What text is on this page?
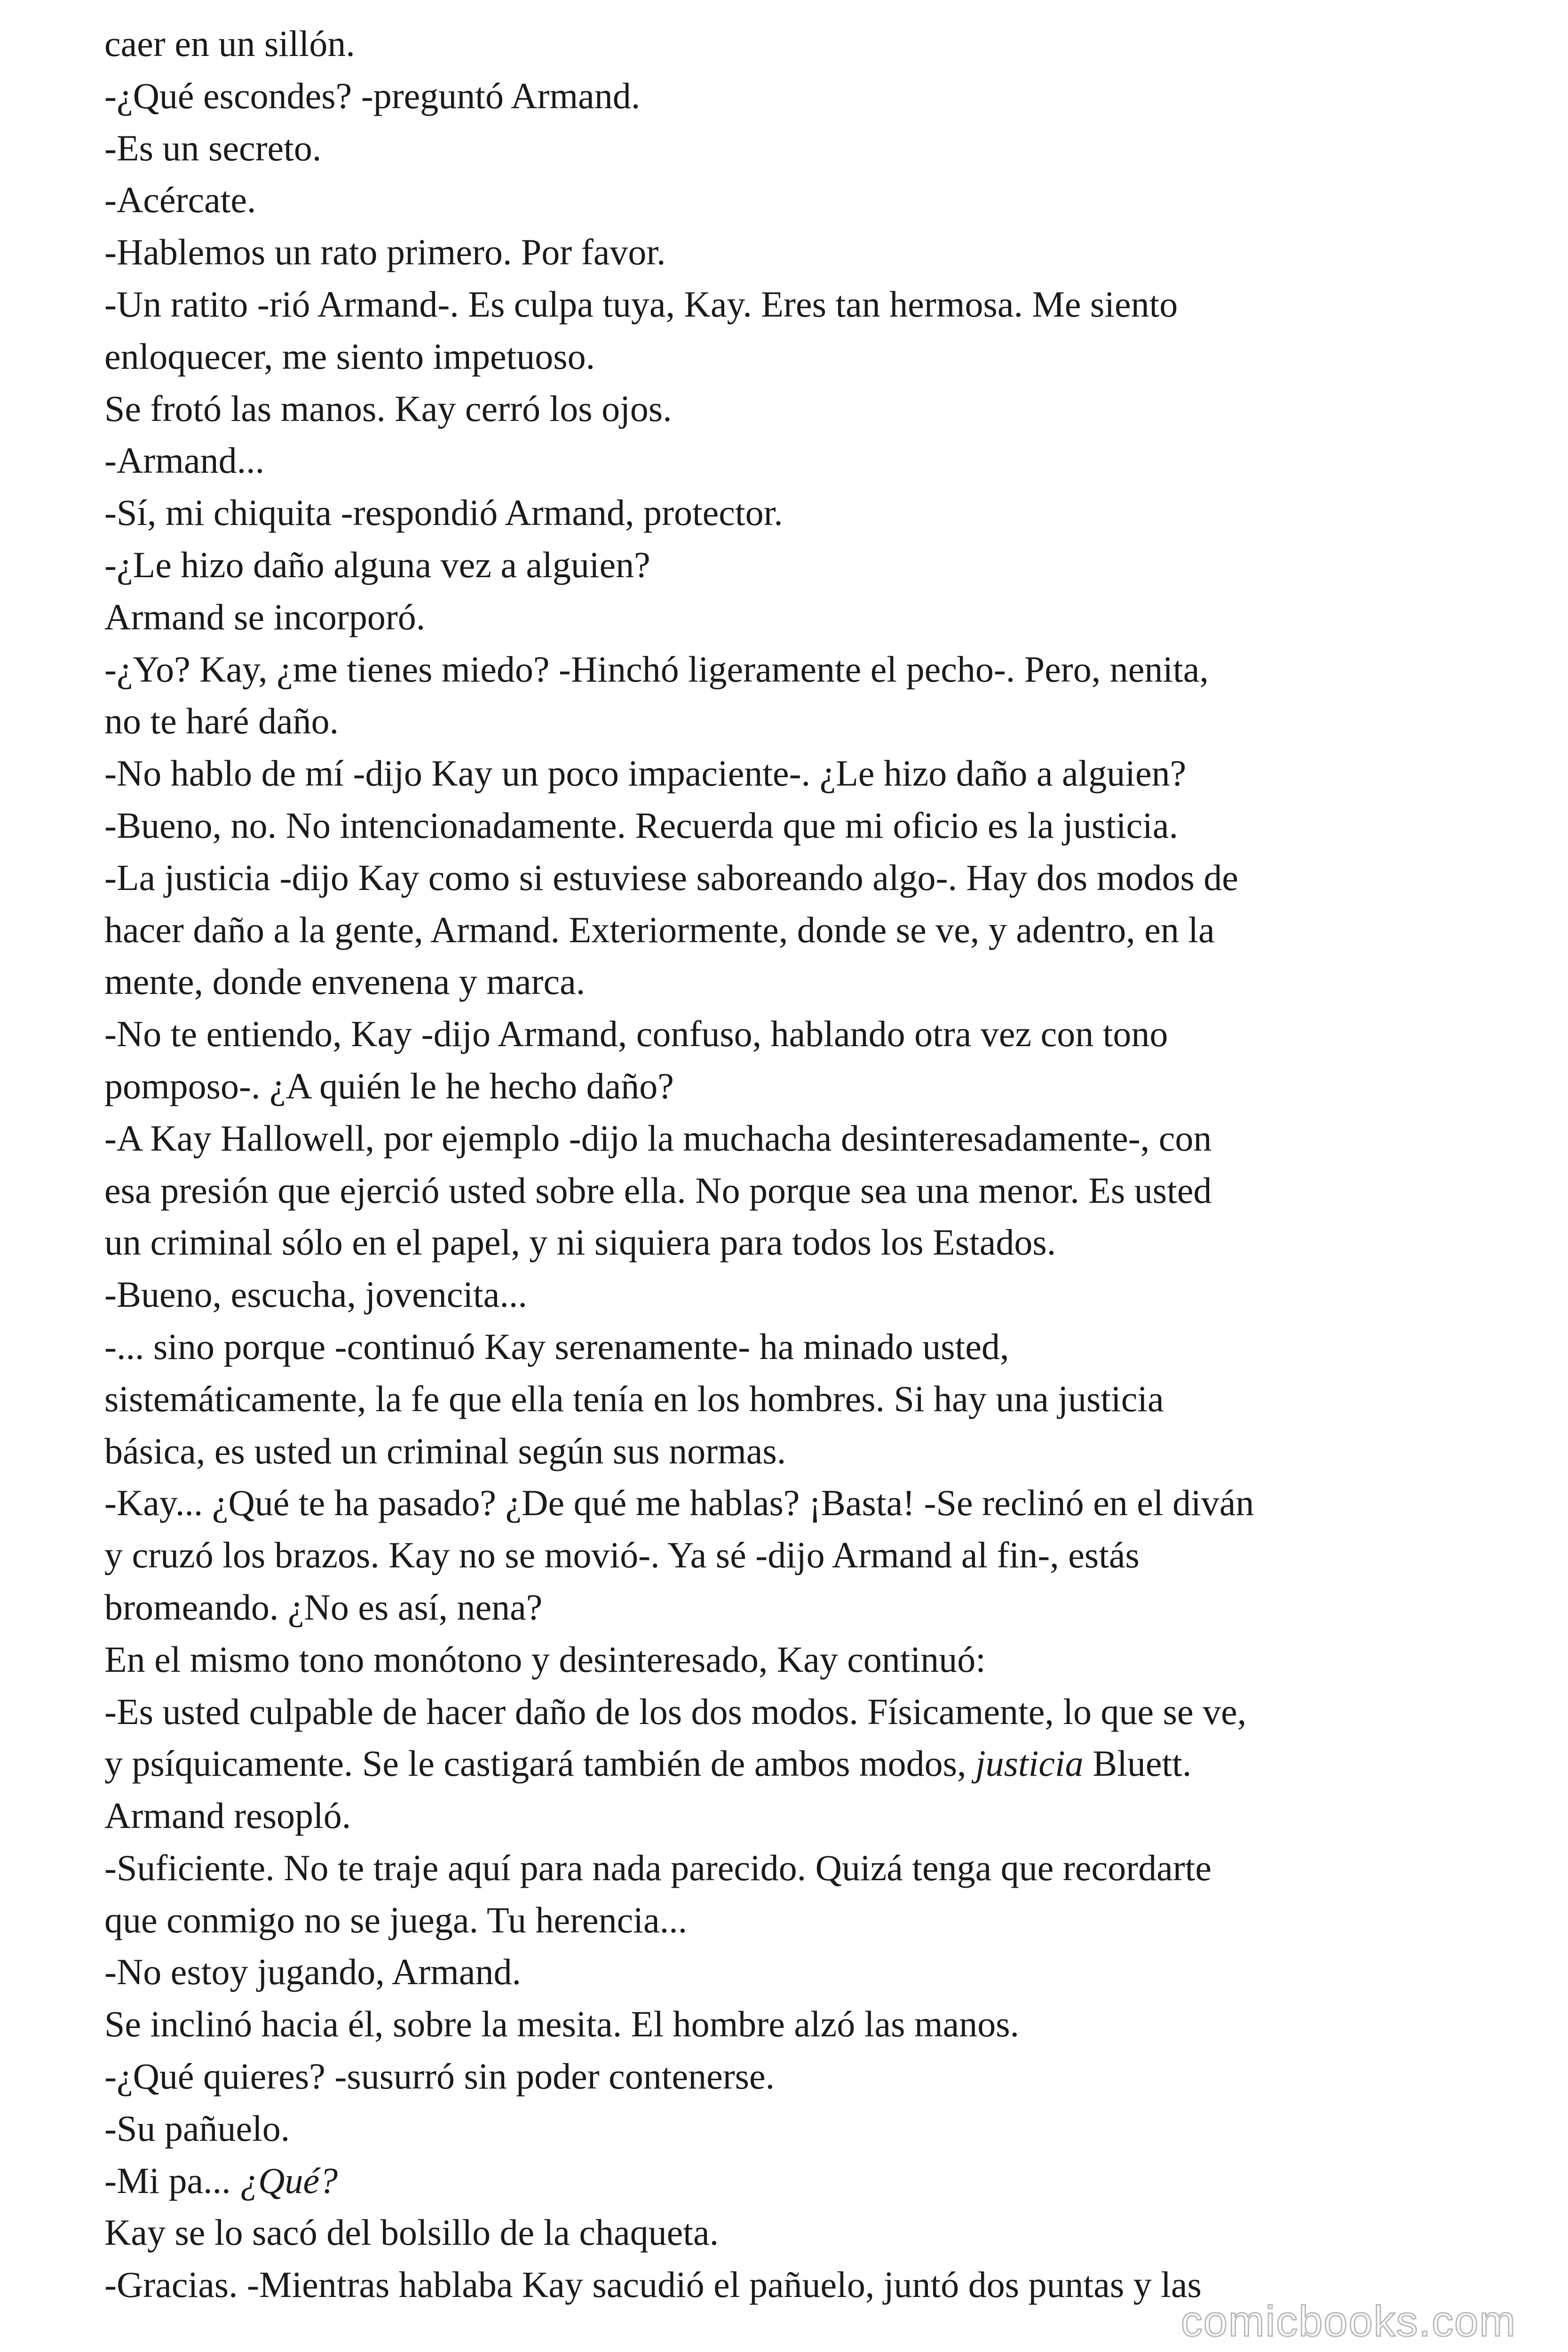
caer en un sillón.
-¿Qué escondes? -preguntó Armand.
-Es un secreto.
-Acércate.
-Hablemos un rato primero. Por favor.
-Un ratito -rió Armand-. Es culpa tuya, Kay. Eres tan hermosa. Me siento
enloquecer, me siento impetuoso.
Se frotó las manos. Kay cerró los ojos.
-Armand...
-Sí, mi chiquita -respondió Armand, protector.
-¿Le hizo daño alguna vez a alguien?
Armand se incorporó.
-¿Yo? Kay, ¿me tienes miedo? -Hinchó ligeramente el pecho-. Pero, nenita,
no te haré daño.
-No hablo de mí -dijo Kay un poco impaciente-. ¿Le hizo daño a alguien?
-Bueno, no. No intencionadamente. Recuerda que mi oficio es la justicia.
-La justicia -dijo Kay como si estuviese saboreando algo-. Hay dos modos de
hacer daño a la gente, Armand. Exteriormente, donde se ve, y adentro, en la
mente, donde envenena y marca.
-No te entiendo, Kay -dijo Armand, confuso, hablando otra vez con tono
pomposo-. ¿A quién le he hecho daño?
-A Kay Hallowell, por ejemplo -dijo la muchacha desinteresadamente-, con
esa presión que ejerció usted sobre ella. No porque sea una menor. Es usted
un criminal sólo en el papel, y ni siquiera para todos los Estados.
-Bueno, escucha, jovencita...
-... sino porque -continuó Kay serenamente- ha minado usted,
sistemáticamente, la fe que ella tenía en los hombres. Si hay una justicia
básica, es usted un criminal según sus normas.
-Kay... ¿Qué te ha pasado? ¿De qué me hablas? ¡Basta! -Se reclinó en el diván
y cruzó los brazos. Kay no se movió-. Ya sé -dijo Armand al fin-, estás
bromeando. ¿No es así, nena?
En el mismo tono monótono y desinteresado, Kay continuó:
-Es usted culpable de hacer daño de los dos modos. Físicamente, lo que se ve,
y psíquicamente. Se le castigará también de ambos modos, justicia Bluett.
Armand resopló.
-Suficiente. No te traje aquí para nada parecido. Quizá tenga que recordarte
que conmigo no se juega. Tu herencia...
-No estoy jugando, Armand.
Se inclinó hacia él, sobre la mesita. El hombre alzó las manos.
-¿Qué quieres? -susurró sin poder contenerse.
-Su pañuelo.
-Mi pa... ¿Qué?
Kay se lo sacó del bolsillo de la chaqueta.
-Gracias. -Mientras hablaba Kay sacudió el pañuelo, juntó dos puntas y las
comicbooks.com
